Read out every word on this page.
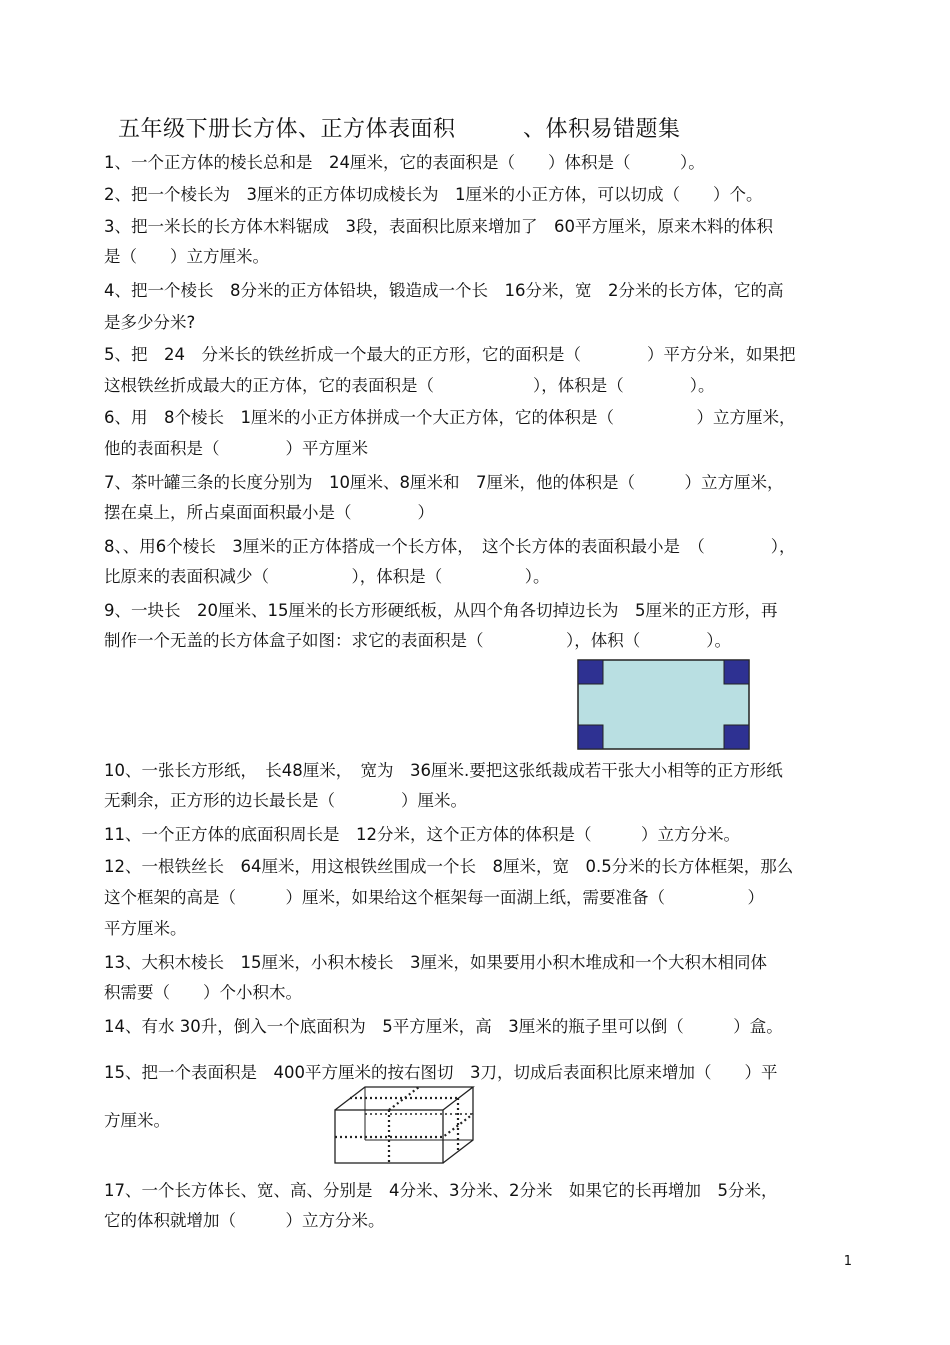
五年级下册长方体、正方体表面积　　　、体积易错题集
1、一个正方体的棱长总和是　24厘米，它的表面积是（　　）体积是（　　　）。
2、把一个棱长为　3厘米的正方体切成棱长为　1厘米的小正方体，可以切成（　　）个。
3、把一米长的长方体木料锯成　3段，表面积比原来增加了　60平方厘米，原来木料的体积
是（　　）立方厘米。
4、把一个棱长　8分米的正方体铅块，锻造成一个长　16分米，宽　2分米的长方体，它的高
是多少分米?
5、把　24　分米长的铁丝折成一个最大的正方形，它的面积是（　　　　）平方分米，如果把
这根铁丝折成最大的正方体，它的表面积是（　　　　　　），体积是（　　　　）。
6、用　8个棱长　1厘米的小正方体拼成一个大正方体，它的体积是（　　　　　）立方厘米，
他的表面积是（　　　　）平方厘米
7、茶叶罐三条的长度分别为　10厘米、8厘米和　7厘米，他的体积是（　　　）立方厘米，
摆在桌上，所占桌面面积最小是（　　　　）
8、、用6个棱长　3厘米的正方体搭成一个长方体，　这个长方体的表面积最小是　（　　　　），
比原来的表面积减少（　　　　　），体积是（　　　　　）。
9、一块长　20厘米、15厘米的长方形硬纸板，从四个角各切掉边长为　5厘米的正方形，再
制作一个无盖的长方体盒子如图：求它的表面积是（　　　　　），体积（　　　　）。
10、一张长方形纸，　长48厘米，　宽为　36厘米.要把这张纸裁成若干张大小相等的正方形纸
无剩余，正方形的边长最长是（　　　　）厘米。
11、一个正方体的底面积周长是　12分米，这个正方体的体积是（　　　）立方分米。
12、一根铁丝长　64厘米，用这根铁丝围成一个长　8厘米，宽　0.5分米的长方体框架，那么
这个框架的高是（　　　）厘米，如果给这个框架每一面湖上纸，需要准备（　　　　　）
平方厘米。
13、大积木棱长　15厘米，小积木棱长　3厘米，如果要用小积木堆成和一个大积木相同体
积需要（　　）个小积木。
14、有水 30升，倒入一个底面积为　5平方厘米，高　3厘米的瓶子里可以倒（　　　）盒。
15、把一个表面积是　400平方厘米的按右图切　3刀，切成后表面积比原来增加（　　）平
方厘米。
17、一个长方体长、宽、高、分别是　4分米、3分米、2分米　如果它的长再增加　5分米，
它的体积就增加（　　　）立方分米。
1
